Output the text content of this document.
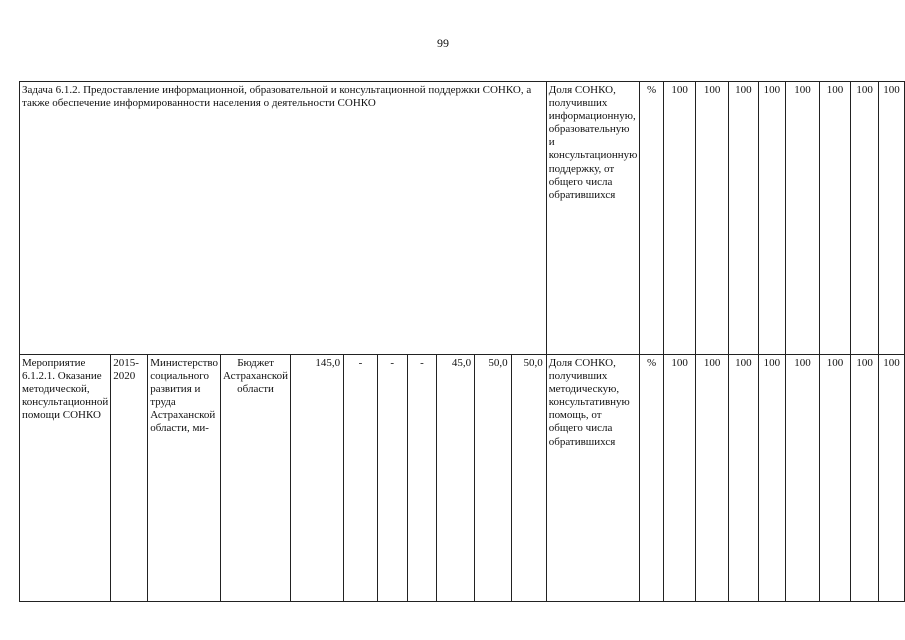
99
Задача 6.1.2. Предоставление информационной, образовательной и консультационной поддержки СОНКО, а также обеспечение информированности населения о деятельности СОНКО											Доля СОНКО, получивших информационную, образовательную и консультационную поддержку, от общего числа обратившихся	%	100	100	100	100	100	100	100	100
Мероприятие 6.1.2.1. Оказание методической, консультационной помощи СОНКО	2015-2020	Министерство социального развития и труда Астраханской области, ми-	Бюджет Астраханской области	145,0	-	-	-	45,0	50,0	50,0	Доля СОНКО, получивших методическую, консультативную помощь, от общего числа обратившихся	%	100	100	100	100	100	100	100	100
